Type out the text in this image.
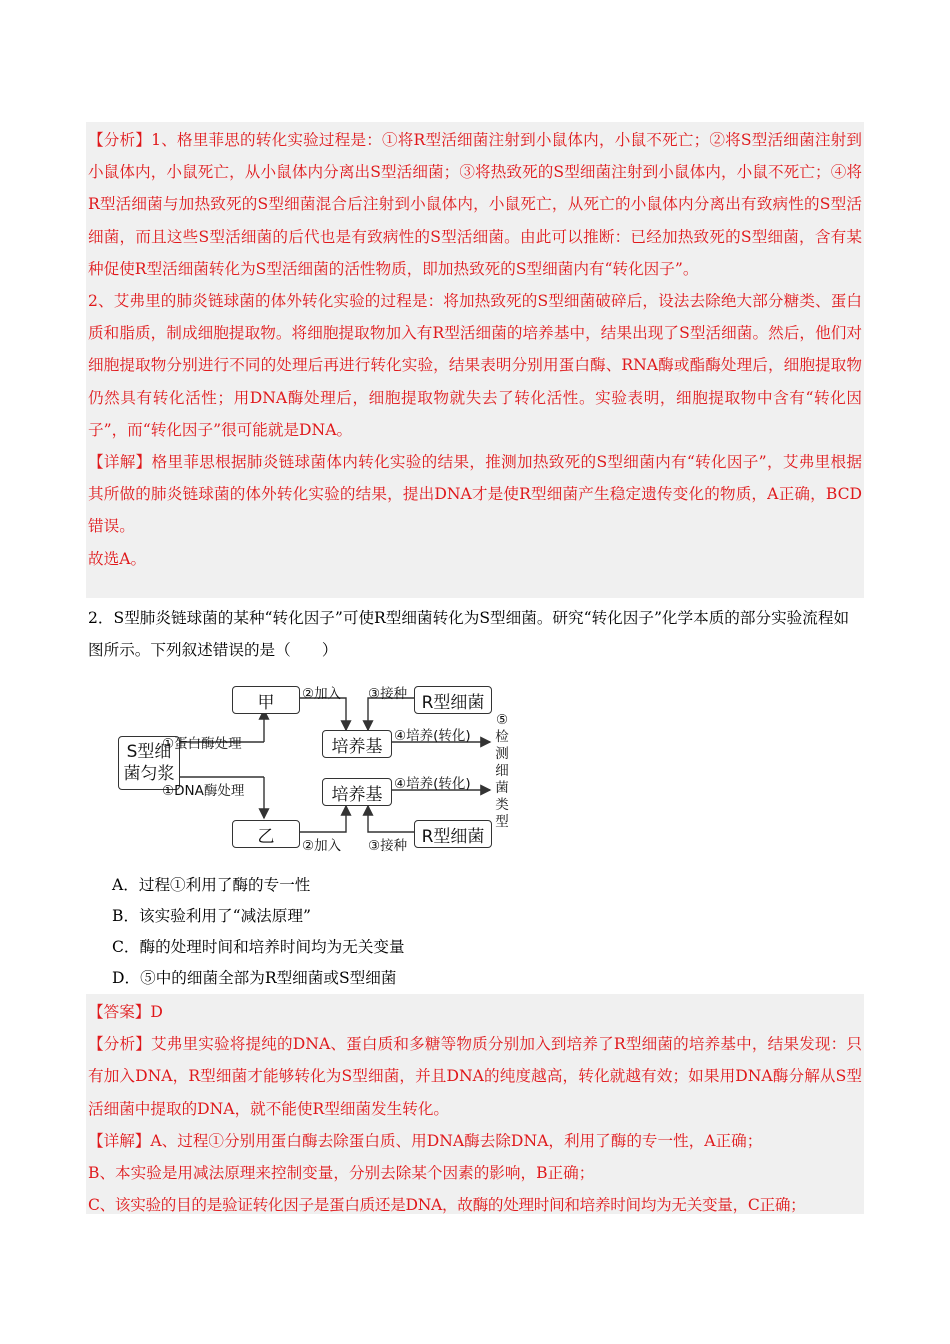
【分析】1、格里菲思的转化实验过程是：①将R型活细菌注射到小鼠体内，小鼠不死亡；②将S型活细菌注射到小鼠体内，小鼠死亡，从小鼠体内分离出S型活细菌；③将热致死的S型细菌注射到小鼠体内，小鼠不死亡；④将R型活细菌与加热致死的S型细菌混合后注射到小鼠体内，小鼠死亡，从死亡的小鼠体内分离出有致病性的S型活细菌，而且这些S型活细菌的后代也是有致病性的S型活细菌。由此可以推断：已经加热致死的S型细菌，含有某种促使R型活细菌转化为S型活细菌的活性物质，即加热致死的S型细菌内有“转化因子”。

2、艾弗里的肺炎链球菌的体外转化实验的过程是：将加热致死的S型细菌破碎后，设法去除绝大部分糖类、蛋白质和脂质，制成细胞提取物。将细胞提取物加入有R型活细菌的培养基中，结果出现了S型活细菌。然后，他们对细胞提取物分别进行不同的处理后再进行转化实验，结果表明分别用蛋白酶、RNA酶或酯酶处理后，细胞提取物仍然具有转化活性；用DNA酶处理后，细胞提取物就失去了转化活性。实验表明，细胞提取物中含有“转化因子”，而“转化因子”很可能就是DNA。

【详解】格里菲思根据肺炎链球菌体内转化实验的结果，推测加热致死的S型细菌内有“转化因子”，艾弗里根据其所做的肺炎链球菌的体外转化实验的结果，提出DNA才是使R型细菌产生稳定遗传变化的物质，A正确，BCD错误。

故选A。

2．S型肺炎链球菌的某种“转化因子”可使R型细菌转化为S型细菌。研究“转化因子”化学本质的部分实验流程如图所示。下列叙述错误的是（　　）

S型细
菌匀浆
甲
乙
R型细菌
R型细菌
培养基
培养基
①蛋白酶处理
①DNA酶处理
②加入 ③接种
④培养(转化)
④培养(转化)
②加入 ③接种
⑤检测细菌类型
A．过程①利用了酶的专一性
B．该实验利用了“减法原理”
C．酶的处理时间和培养时间均为无关变量
D．⑤中的细菌全部为R型细菌或S型细菌

【答案】D

【分析】艾弗里实验将提纯的DNA、蛋白质和多糖等物质分别加入到培养了R型细菌的培养基中，结果发现：只有加入DNA，R型细菌才能够转化为S型细菌，并且DNA的纯度越高，转化就越有效；如果用DNA酶分解从S型活细菌中提取的DNA，就不能使R型细菌发生转化。

【详解】A、过程①分别用蛋白酶去除蛋白质、用DNA酶去除DNA，利用了酶的专一性，A正确；

B、本实验是用减法原理来控制变量，分别去除某个因素的影响，B正确；

C、该实验的目的是验证转化因子是蛋白质还是DNA，故酶的处理时间和培养时间均为无关变量，C正确；
